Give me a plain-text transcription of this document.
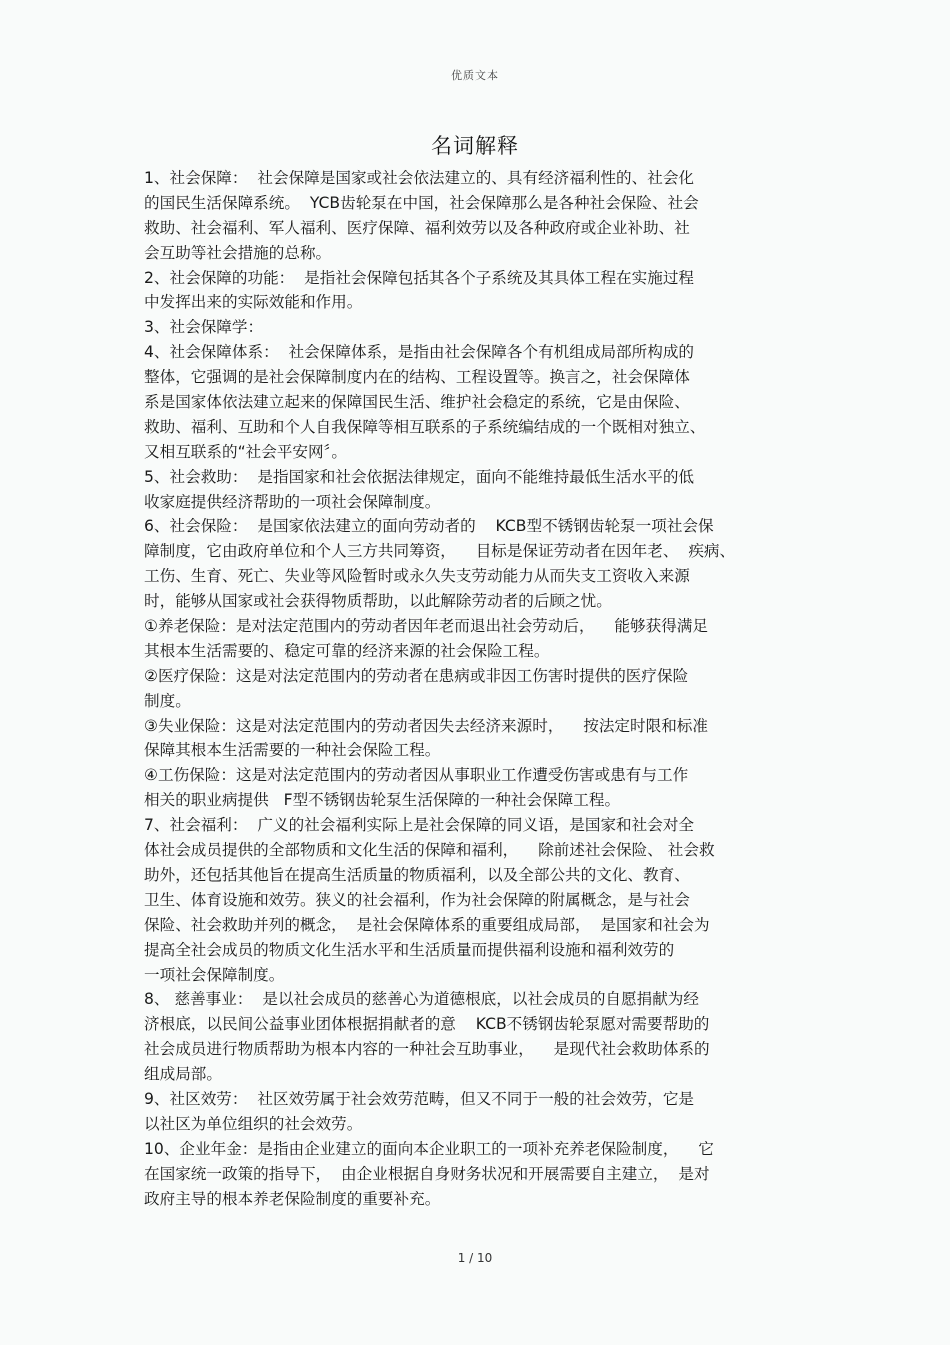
优质文本
名词解释
1、社会保障：  社会保障是国家或社会依法建立的、具有经济福利性的、社会化
的国民生活保障系统。  YCB齿轮泵在中国，社会保障那么是各种社会保险、社会
救助、社会福利、军人福利、医疗保障、福利效劳以及各种政府或企业补助、社
会互助等社会措施的总称。
2、社会保障的功能：  是指社会保障包括其各个子系统及其具体工程在实施过程
中发挥出来的实际效能和作用。
3、社会保障学：
4、社会保障体系：  社会保障体系，是指由社会保障各个有机组成局部所构成的
整体，它强调的是社会保障制度内在的结构、工程设置等。换言之，社会保障体
系是国家体依法建立起来的保障国民生活、维护社会稳定的系统，它是由保险、
救助、福利、互助和个人自我保障等相互联系的子系统编结成的一个既相对独立、
又相互联系的“社会平安网〞。
5、社会救助：  是指国家和社会依据法律规定，面向不能维持最低生活水平的低
收家庭提供经济帮助的一项社会保障制度。
6、社会保险：  是国家依法建立的面向劳动者的    KCB型不锈钢齿轮泵一项社会保
障制度，它由政府单位和个人三方共同筹资，    目标是保证劳动者在因年老、  疾病、
工伤、生育、死亡、失业等风险暂时或永久失支劳动能力从而失支工资收入来源
时，能够从国家或社会获得物质帮助，以此解除劳动者的后顾之忧。
①养老保险：是对法定范围内的劳动者因年老而退出社会劳动后，    能够获得满足
其根本生活需要的、稳定可靠的经济来源的社会保险工程。
②医疗保险：这是对法定范围内的劳动者在患病或非因工伤害时提供的医疗保险
制度。
③失业保险：这是对法定范围内的劳动者因失去经济来源时，    按法定时限和标准
保障其根本生活需要的一种社会保险工程。
④工伤保险：这是对法定范围内的劳动者因从事职业工作遭受伤害或患有与工作
相关的职业病提供   F型不锈钢齿轮泵生活保障的一种社会保障工程。
7、社会福利：  广义的社会福利实际上是社会保障的同义语，是国家和社会对全
体社会成员提供的全部物质和文化生活的保障和福利，    除前述社会保险、 社会救
助外，还包括其他旨在提高生活质量的物质福利，以及全部公共的文化、教育、
卫生、体育设施和效劳。狭义的社会福利，作为社会保障的附属概念，是与社会
保险、社会救助并列的概念，  是社会保障体系的重要组成局部，  是国家和社会为
提高全社会成员的物质文化生活水平和生活质量而提供福利设施和福利效劳的
一项社会保障制度。
8、 慈善事业：  是以社会成员的慈善心为道德根底，以社会成员的自愿捐献为经
济根底，以民间公益事业团体根据捐献者的意    KCB不锈钢齿轮泵愿对需要帮助的
社会成员进行物质帮助为根本内容的一种社会互助事业，    是现代社会救助体系的
组成局部。
9、社区效劳：  社区效劳属于社会效劳范畴，但又不同于一般的社会效劳，它是
以社区为单位组织的社会效劳。
10、企业年金：是指由企业建立的面向本企业职工的一项补充养老保险制度，    它
在国家统一政策的指导下，  由企业根据自身财务状况和开展需要自主建立，  是对
政府主导的根本养老保险制度的重要补充。
1 / 10
